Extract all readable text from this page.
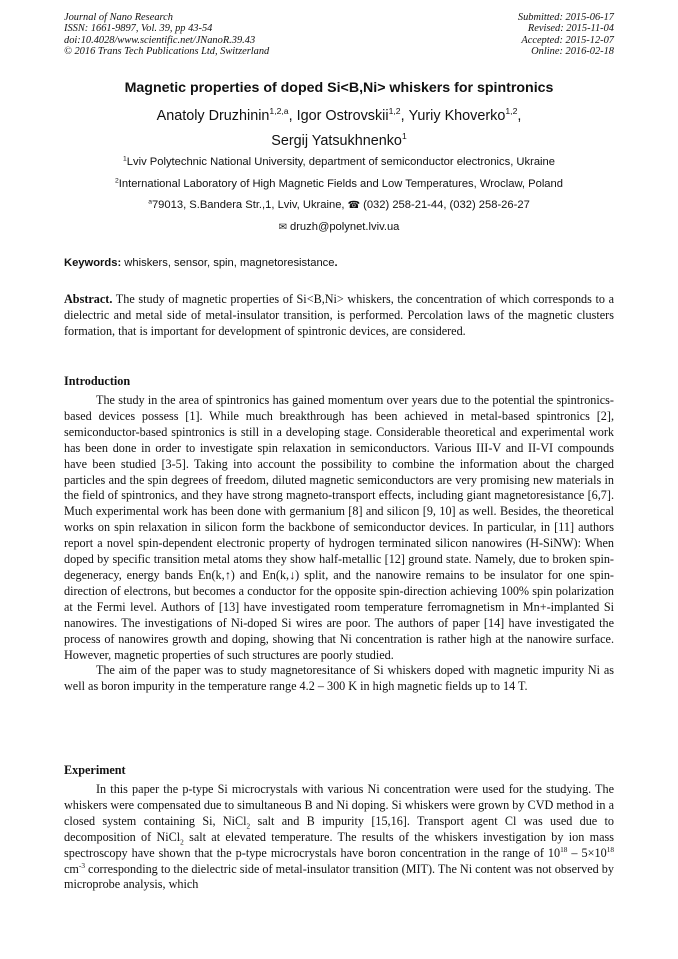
Journal of Nano Research
ISSN: 1661-9897, Vol. 39, pp 43-54
doi:10.4028/www.scientific.net/JNanoR.39.43
© 2016 Trans Tech Publications Ltd, Switzerland
Submitted: 2015-06-17
Revised: 2015-11-04
Accepted: 2015-12-07
Online: 2016-02-18
Magnetic properties of doped Si<B,Ni> whiskers for spintronics
Anatoly Druzhinin$^{1,2,a}$, Igor Ostrovskii$^{1,2}$, Yuriy Khoverko$^{1,2}$,
Sergij Yatsukhnenko$^1$
$^1$Lviv Polytechnic National University, department of semiconductor electronics, Ukraine
$^2$International Laboratory of High Magnetic Fields and Low Temperatures, Wroclaw, Poland
$^a$79013, S.Bandera Str.,1, Lviv, Ukraine, ☎ (032) 258-21-44, (032) 258-26-27
✉ druzh@polynet.lviv.ua
Keywords: whiskers, sensor, spin, magnetoresistance.
Abstract. The study of magnetic properties of Si<B,Ni> whiskers, the concentration of which corresponds to a dielectric and metal side of metal-insulator transition, is performed. Percolation laws of the magnetic clusters formation, that is important for development of spintronic devices, are considered.
Introduction

The study in the area of spintronics has gained momentum over years due to the potential the spintronics-based devices possess [1]. While much breakthrough has been achieved in metal-based spintronics [2], semiconductor-based spintronics is still in a developing stage. Considerable theoretical and experimental work has been done in order to investigate spin relaxation in semiconductors. Various III-V and II-VI compounds have been studied [3-5]. Taking into account the possibility to combine the information about the charged particles and the spin degrees of freedom, diluted magnetic semiconductors are very promising new materials in the field of spintronics, and they have strong magneto-transport effects, including giant magnetoresistance [6,7]. Much experimental work has been done with germanium [8] and silicon [9, 10] as well. Besides, the theoretical works on spin relaxation in silicon form the backbone of semiconductor devices. In particular, in [11] authors report a novel spin-dependent electronic property of hydrogen terminated silicon nanowires (H-SiNW): When doped by specific transition metal atoms they show half-metallic [12] ground state. Namely, due to broken spin-degeneracy, energy bands En(k,↑) and En(k,↓) split, and the nanowire remains to be insulator for one spin-direction of electrons, but becomes a conductor for the opposite spin-direction achieving 100% spin polarization at the Fermi level. Authors of [13] have investigated room temperature ferromagnetism in Mn+-implanted Si nanowires. The investigations of Ni-doped Si wires are poor. The authors of paper [14] have investigated the process of nanowires growth and doping, showing that Ni concentration is rather high at the nanowire surface. However, magnetic properties of such structures are poorly studied.

The aim of the paper was to study magnetoresitance of Si whiskers doped with magnetic impurity Ni as well as boron impurity in the temperature range 4.2 – 300 K in high magnetic fields up to 14 T.

Experiment

In this paper the p-type Si microcrystals with various Ni concentration were used for the studying. The whiskers were compensated due to simultaneous B and Ni doping. Si whiskers were grown by CVD method in a closed system containing Si, NiCl$_2$ salt and B impurity [15,16]. Transport agent Cl was used due to decomposition of NiCl$_2$ salt at elevated temperature. The results of the whiskers investigation by ion mass spectroscopy have shown that the p-type microcrystals have boron concentration in the range of $10^{18} - 5\times 10^{18}$ $cm^{-3}$ corresponding to the dielectric side of metal-insulator transition (MIT). The Ni content was not observed by microprobe analysis, which
